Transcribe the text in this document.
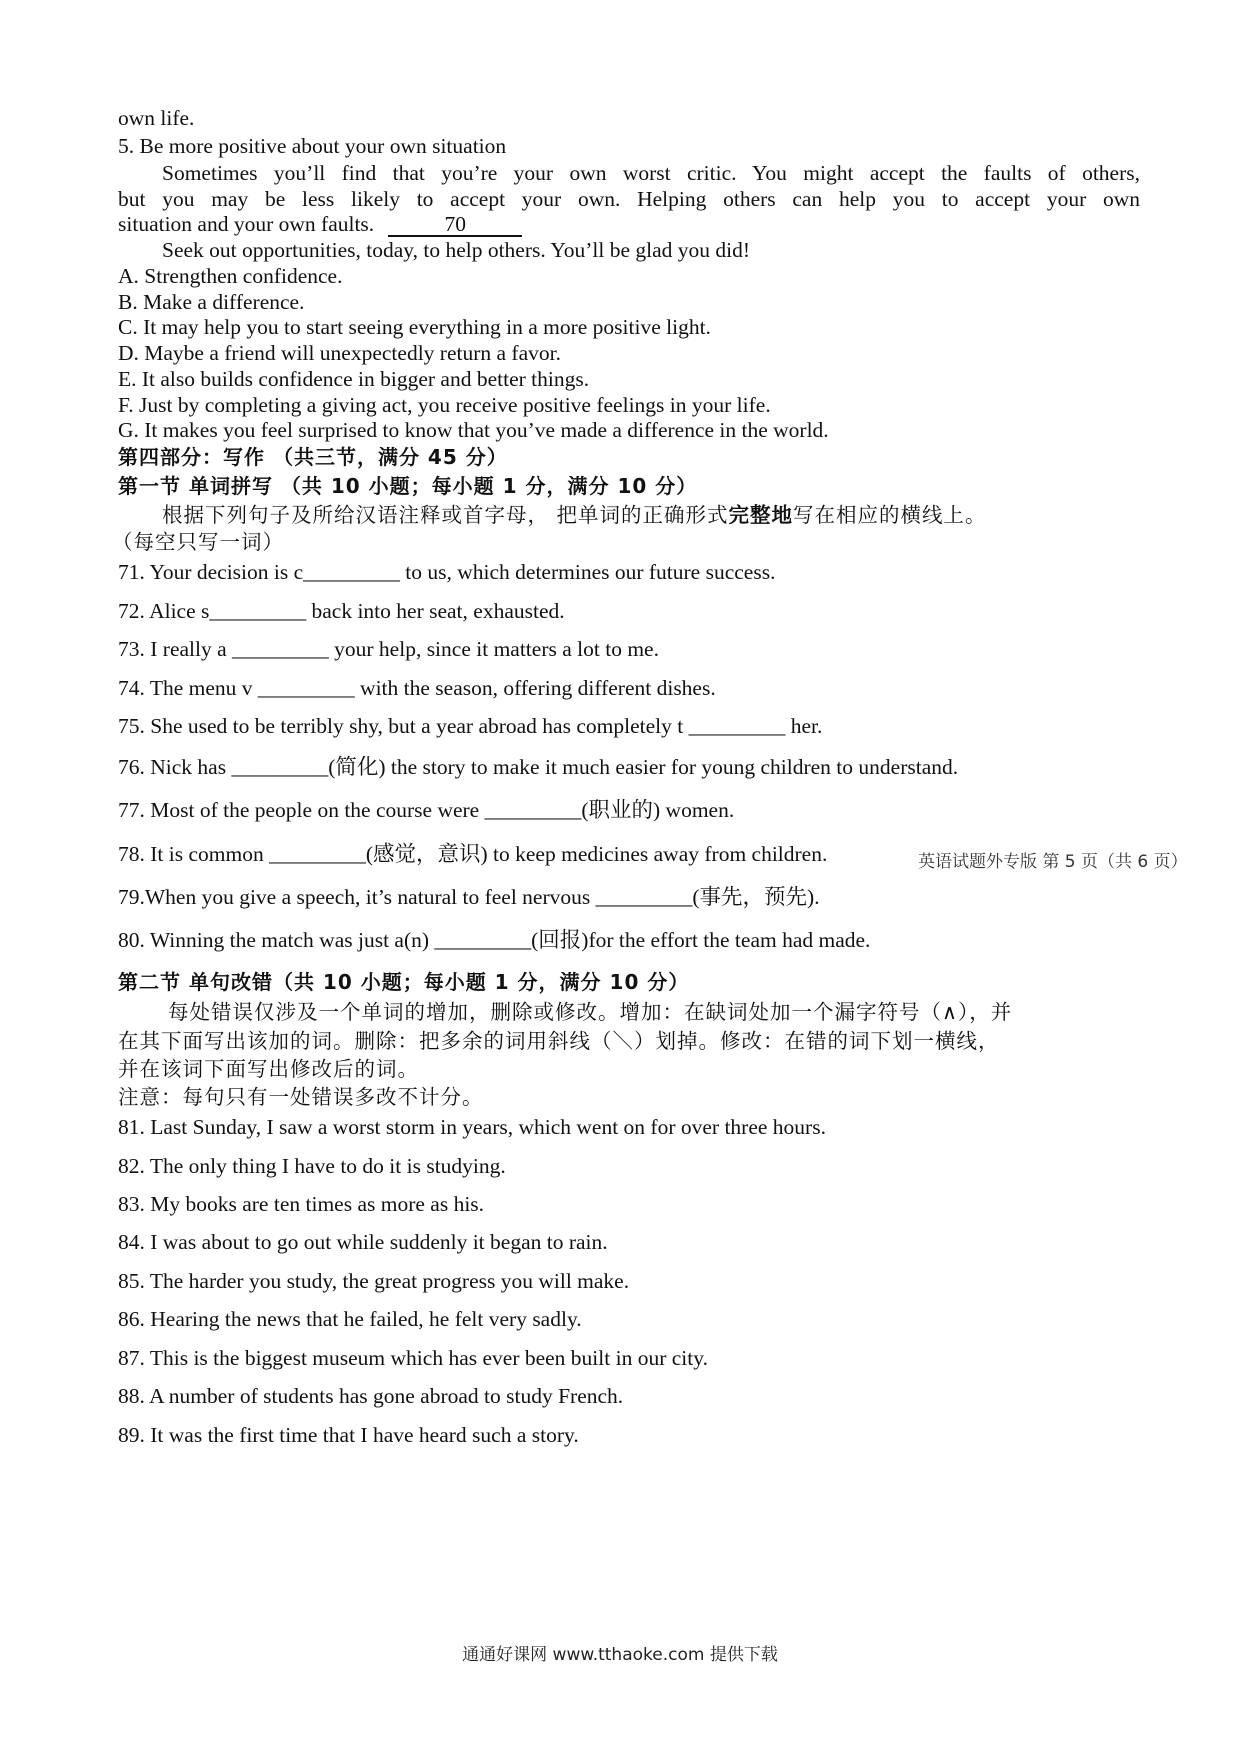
own life.
5. Be more positive about your own situation
Sometimes you’ll find that you’re your own worst critic. You might accept the faults of others,
but you may be less likely to accept your own. Helping others can help you to accept your own
situation and your own faults.	70
Seek out opportunities, today, to help others. You’ll be glad you did!
A. Strengthen confidence.
B. Make a difference.
C. It may help you to start seeing everything in a more positive light.
D. Maybe a friend will unexpectedly return a favor.
E. It also builds confidence in bigger and better things.
F. Just by completing a giving act, you receive positive feelings in your life.
G. It makes you feel surprised to know that you’ve made a difference in the world.
第四部分：写作 （共三节，满分 45 分）
第一节 单词拼写 （共 10 小题；每小题 1 分，满分 10 分）
根据下列句子及所给汉语注释或首字母， 把单词的正确形式完整地写在相应的横线上。
（每空只写一词）
71. Your decision is c_________ to us, which determines our future success.
72. Alice s_________ back into her seat, exhausted.
73. I really a _________ your help, since it matters a lot to me.
74. The menu v _________ with the season, offering different dishes.
75. She used to be terribly shy, but a year abroad has completely t _________ her.
76. Nick has _________(简化) the story to make it much easier for young children to understand.
77. Most of the people on the course were _________(职业的) women.
78. It is common _________(感觉，意识) to keep medicines away from children.
79.When you give a speech, it’s natural to feel nervous _________(事先，预先).
80. Winning the match was just a(n) _________(回报)for the effort the team had made.
第二节 单句改错（共 10 小题；每小题 1 分，满分 10 分）
每处错误仅涉及一个单词的增加，删除或修改。增加：在缺词处加一个漏字符号（∧），并
在其下面写出该加的词。删除：把多余的词用斜线（＼）划掉。修改：在错的词下划一横线，
并在该词下面写出修改后的词。
注意：每句只有一处错误多改不计分。
81. Last Sunday, I saw a worst storm in years, which went on for over three hours.
82. The only thing I have to do it is studying.
83. My books are ten times as more as his.
84. I was about to go out while suddenly it began to rain.
85. The harder you study, the great progress you will make.
86. Hearing the news that he failed, he felt very sadly.
87. This is the biggest museum which has ever been built in our city.
88. A number of students has gone abroad to study French.
89. It was the first time that I have heard such a story.
英语试题外专版 第 5 页（共 6 页）
通通好课网 www.tthaoke.com 提供下载
